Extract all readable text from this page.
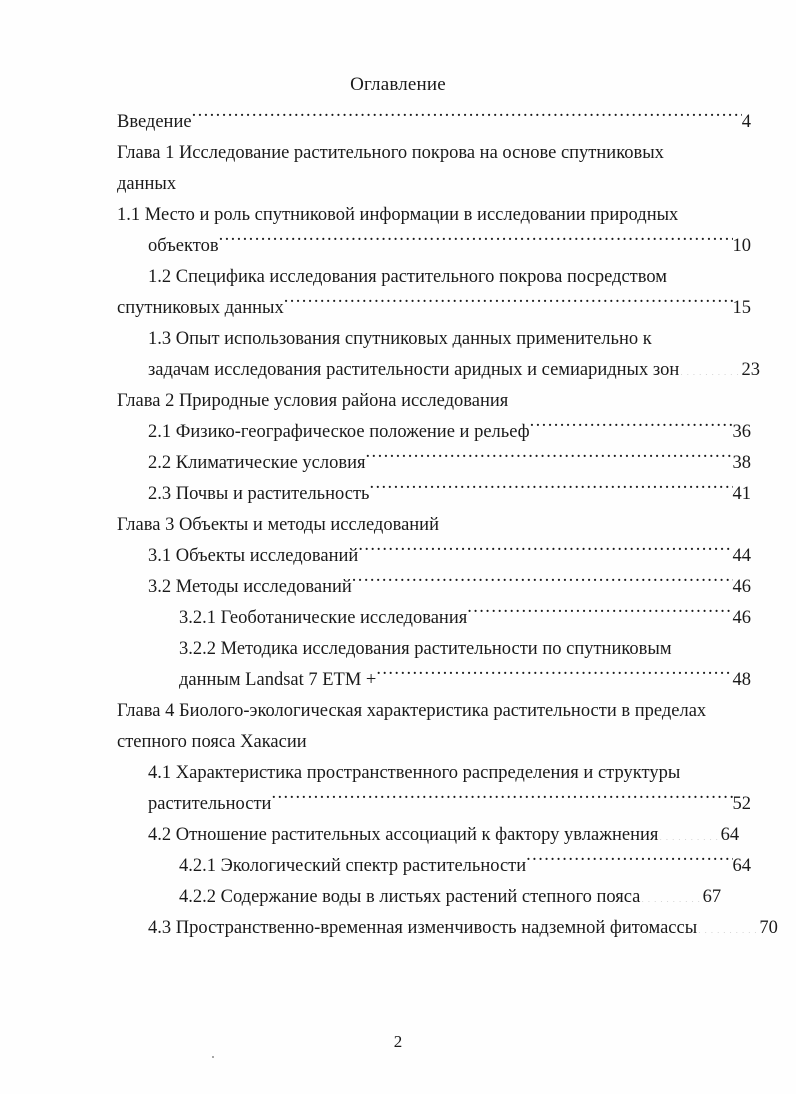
Оглавление
Введение .....	4
Глава 1 Исследование растительного покрова на основе спутниковых
данных
1.1 Место и роль спутниковой информации в исследовании природных
объектов .....	10
1.2 Специфика исследования растительного покрова посредством
спутниковых данных .....	15
1.3 Опыт использования спутниковых данных применительно к
задачам исследования растительности аридных и семиаридных зон .....	23
Глава 2 Природные условия района исследования
2.1 Физико-географическое положение и рельеф .....	36
2.2 Климатические условия .....	38
2.3 Почвы и растительность .....	41
Глава 3 Объекты и методы исследований
3.1 Объекты исследований .....	44
3.2 Методы исследований .....	46
3.2.1 Геоботанические исследования .....	46
3.2.2 Методика исследования растительности по спутниковым
данным Landsat 7 ETM + .....	48
Глава 4 Биолого-экологическая характеристика растительности в пределах
степного пояса Хакасии
4.1 Характеристика пространственного распределения и структуры
растительности .....	52
4.2 Отношение растительных ассоциаций к фактору увлажнения .....	64
4.2.1 Экологический спектр растительности .....	64
4.2.2 Содержание воды в листьях растений степного пояса .....	67
4.3 Пространственно-временная изменчивость надземной фитомассы .....	70
2
